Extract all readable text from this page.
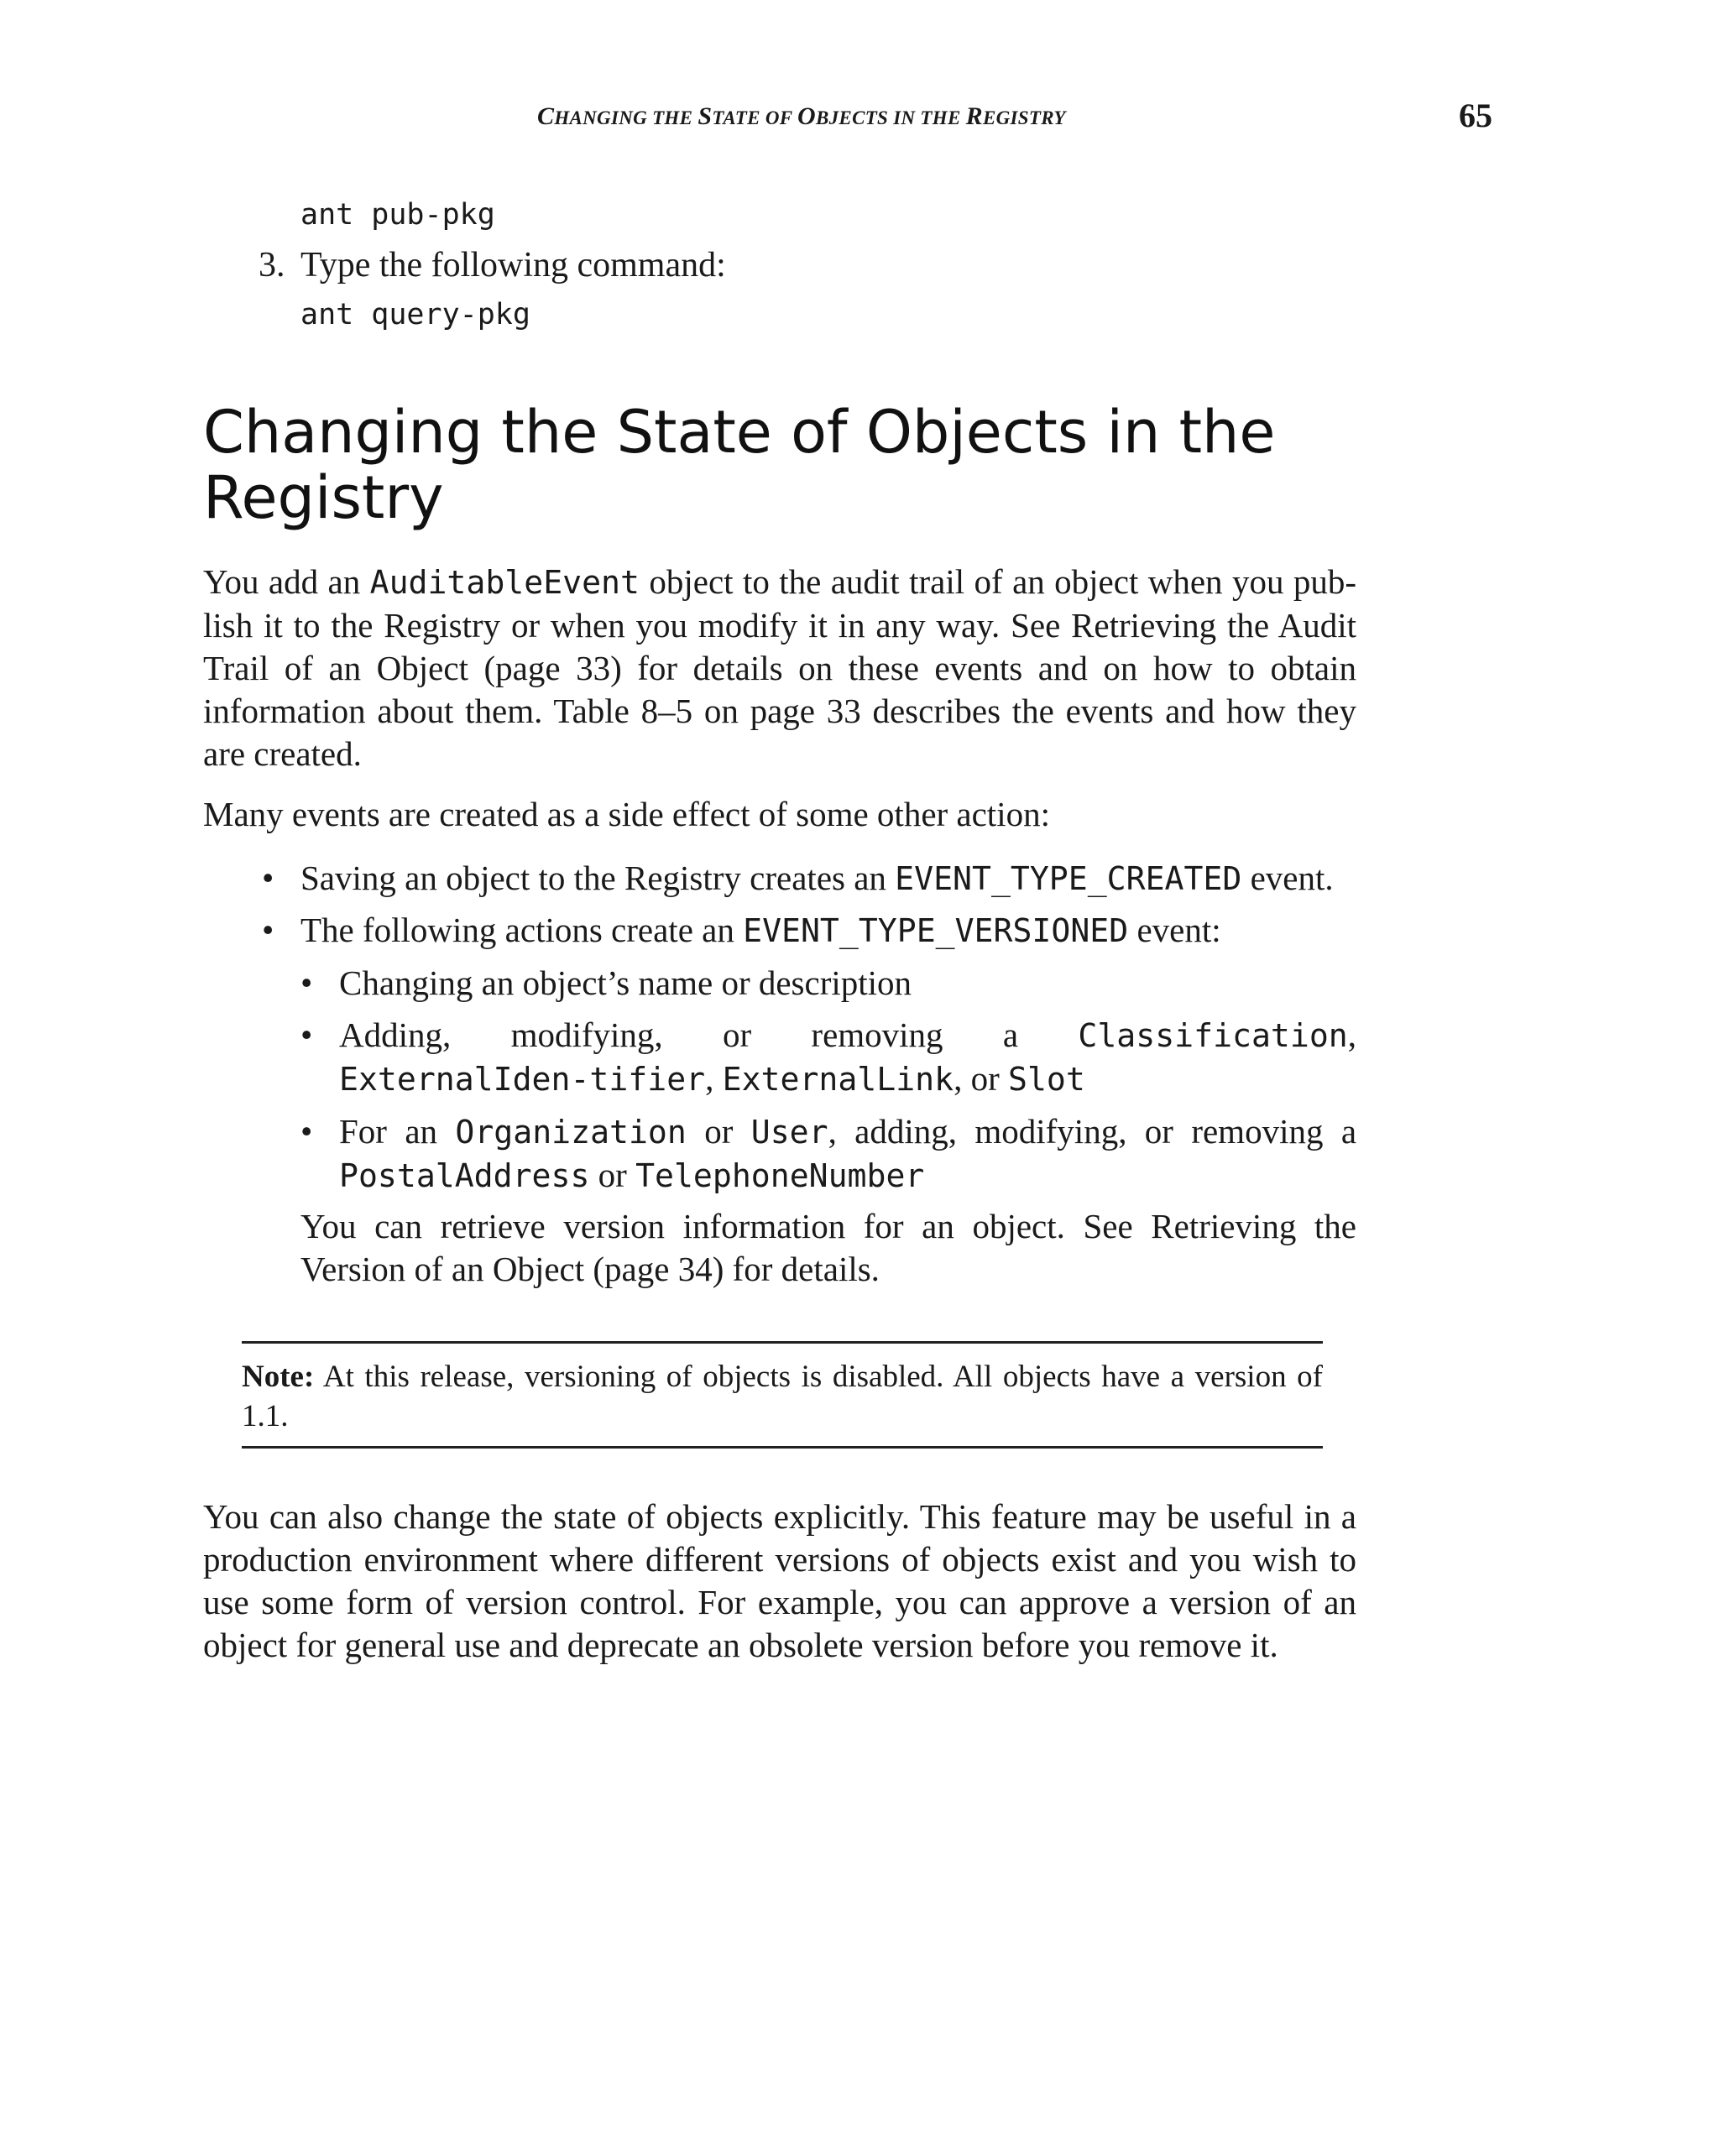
CHANGING THE STATE OF OBJECTS IN THE REGISTRY	65
ant pub-pkg
3. Type the following command:
ant query-pkg
Changing the State of Objects in the Registry

You add an AuditableEvent object to the audit trail of an object when you pub-lish it to the Registry or when you modify it in any way. See Retrieving the Audit Trail of an Object (page 33) for details on these events and on how to obtain information about them. Table 8–5 on page 33 describes the events and how they are created.

Many events are created as a side effect of some other action:

• Saving an object to the Registry creates an EVENT_TYPE_CREATED event.
• The following actions create an EVENT_TYPE_VERSIONED event:
• Changing an object’s name or description
• Adding, modifying, or removing a Classification, ExternalIden-tifier, ExternalLink, or Slot
• For an Organization or User, adding, modifying, or removing a PostalAddress or TelephoneNumber

You can retrieve version information for an object. See Retrieving the Version of an Object (page 34) for details.

Note: At this release, versioning of objects is disabled. All objects have a version of 1.1.

You can also change the state of objects explicitly. This feature may be useful in a production environment where different versions of objects exist and you wish to use some form of version control. For example, you can approve a version of an object for general use and deprecate an obsolete version before you remove it.
